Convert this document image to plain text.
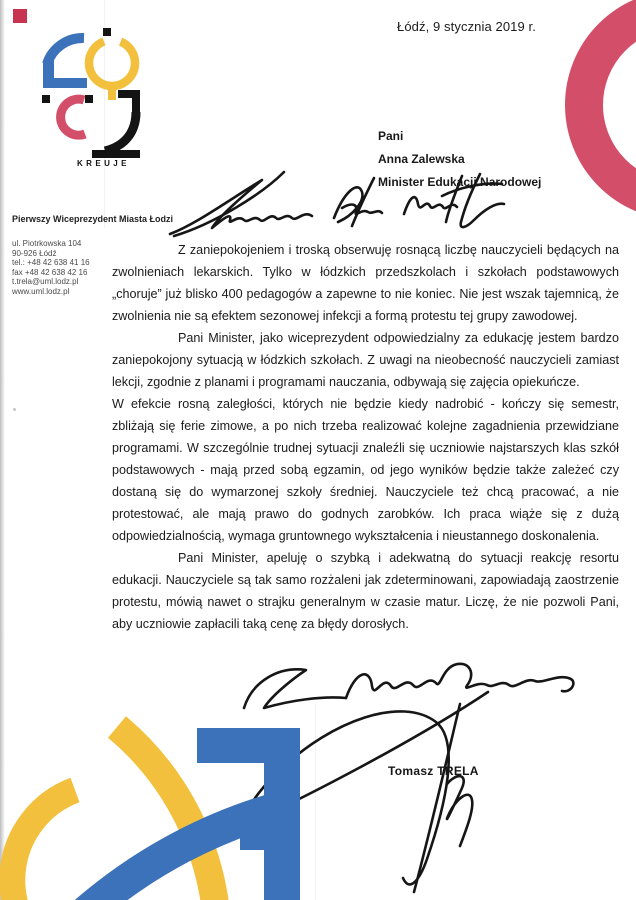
KREUJE
Łódź, 9 stycznia 2019 r.
Pierwszy Wiceprezydent Miasta Łodzi
ul. Piotrkowska 104
90-926 Łódź
tel.: +48 42 638 41 16
fax +48 42 638 42 16
t.trela@uml.lodz.pl
www.uml.lodz.pl
Pani
Anna Zalewska
Minister Edukacji Narodowej

Z zaniepokojeniem i troską obserwuję rosnącą liczbę nauczycieli będących na zwolnieniach lekarskich. Tylko w łódzkich przedszkolach i szkołach podstawowych „choruje” już blisko 400 pedagogów a zapewne to nie koniec. Nie jest wszak tajemnicą, że zwolnienia nie są efektem sezonowej infekcji a formą protestu tej grupy zawodowej.

Pani Minister, jako wiceprezydent odpowiedzialny za edukację jestem bardzo zaniepokojony sytuacją w łódzkich szkołach. Z uwagi na nieobecność nauczycieli zamiast lekcji, zgodnie z planami i programami nauczania, odbywają się zajęcia opiekuńcze.

W efekcie rosną zaległości, których nie będzie kiedy nadrobić - kończy się semestr, zbliżają się ferie zimowe, a po nich trzeba realizować kolejne zagadnienia przewidziane programami. W szczególnie trudnej sytuacji znaleźli się uczniowie najstarszych klas szkół podstawowych - mają przed sobą egzamin, od jego wyników będzie także zależeć czy dostaną się do wymarzonej szkoły średniej. Nauczyciele też chcą pracować, a nie protestować, ale mają prawo do godnych zarobków. Ich praca wiąże się z dużą odpowiedzialnością, wymaga gruntownego wykształcenia i nieustannego doskonalenia.

Pani Minister, apeluję o szybką i adekwatną do sytuacji reakcję resortu edukacji. Nauczyciele są tak samo rozżaleni jak zdeterminowani, zapowiadają zaostrzenie protestu, mówią nawet o strajku generalnym w czasie matur. Liczę, że nie pozwoli Pani, aby uczniowie zapłacili taką cenę za błędy dorosłych.

Tomasz TRELA
